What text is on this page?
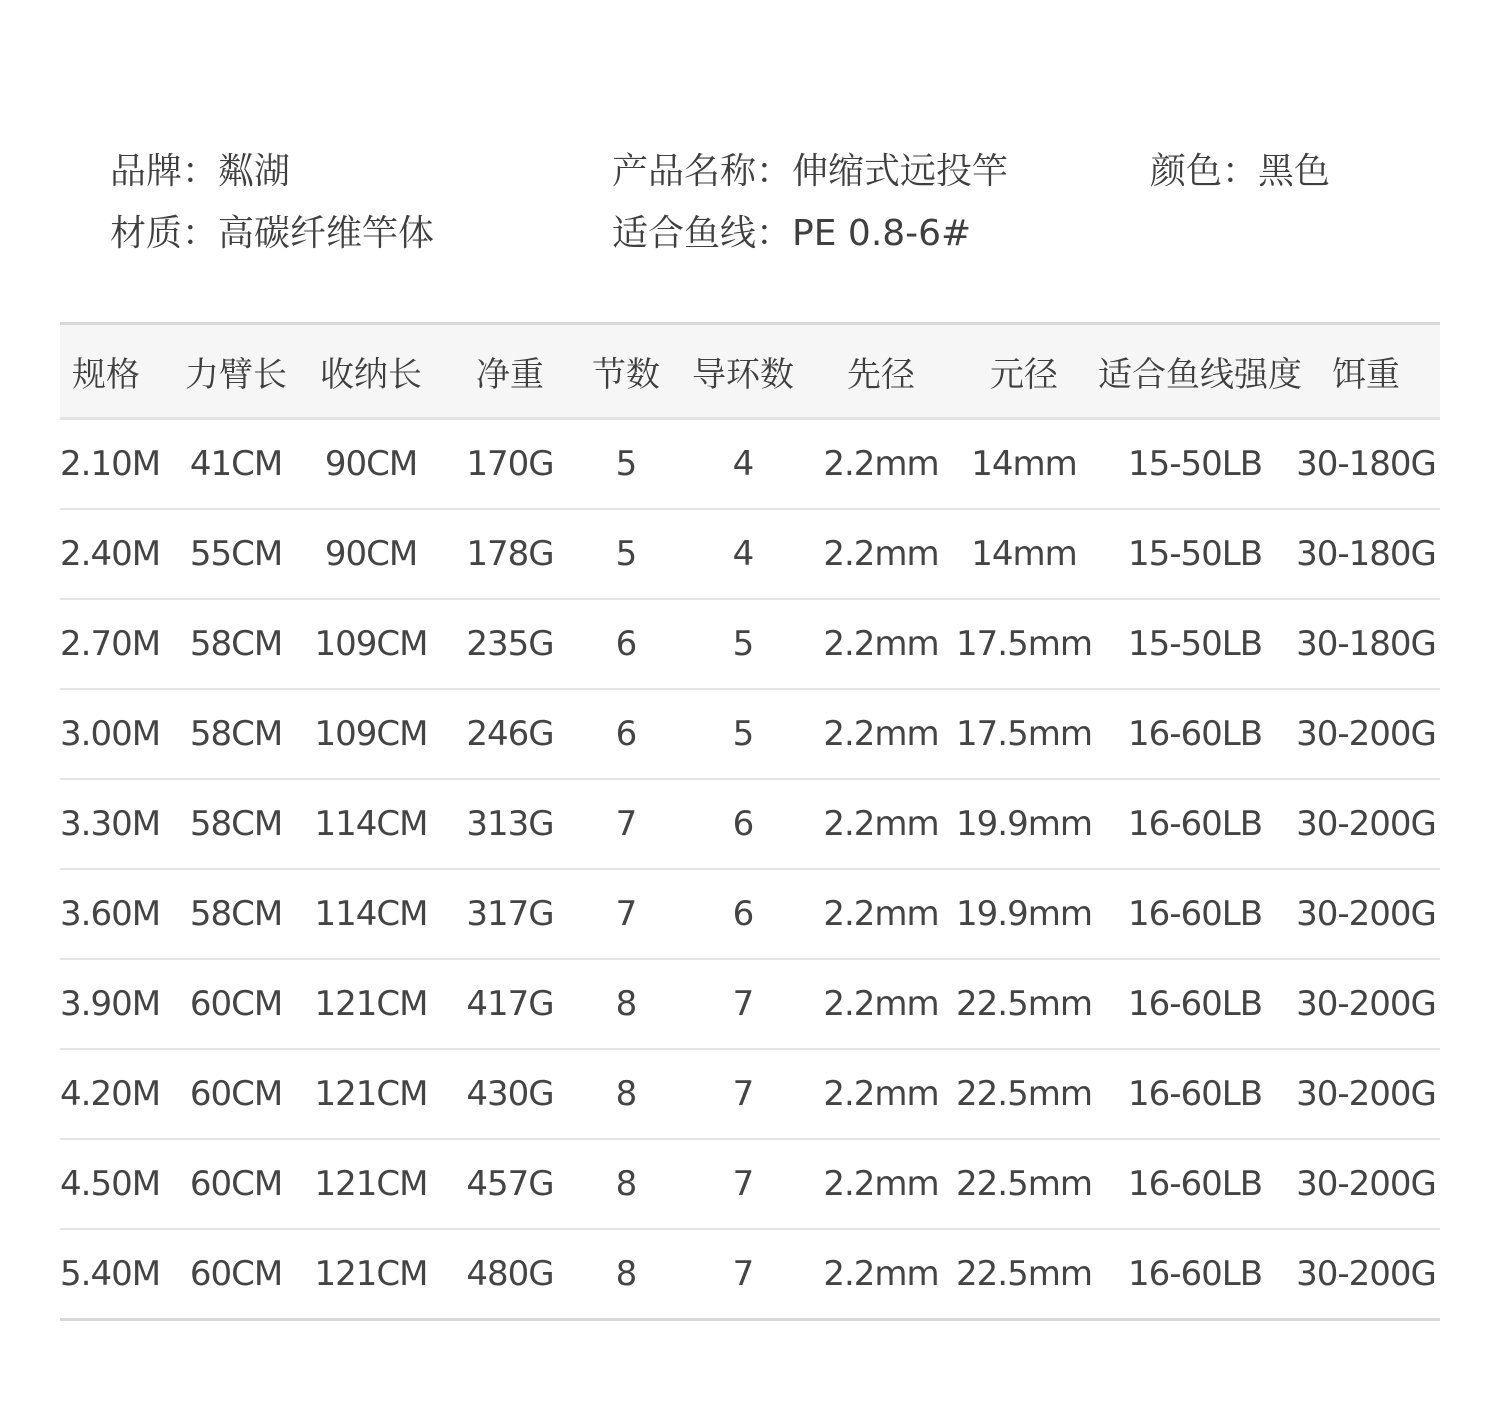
品牌：粼湖	产品名称：伸缩式远投竿	颜色：黑色
材质：高碳纤维竿体	适合鱼线：PE 0.8-6#
规格	力臂长	收纳长	净重	节数	导环数	先径	元径	适合鱼线强度	饵重
2.10M	41CM	90CM	170G	5	4	2.2mm	14mm	15-50LB	30-180G
2.40M	55CM	90CM	178G	5	4	2.2mm	14mm	15-50LB	30-180G
2.70M	58CM	109CM	235G	6	5	2.2mm	17.5mm	15-50LB	30-180G
3.00M	58CM	109CM	246G	6	5	2.2mm	17.5mm	16-60LB	30-200G
3.30M	58CM	114CM	313G	7	6	2.2mm	19.9mm	16-60LB	30-200G
3.60M	58CM	114CM	317G	7	6	2.2mm	19.9mm	16-60LB	30-200G
3.90M	60CM	121CM	417G	8	7	2.2mm	22.5mm	16-60LB	30-200G
4.20M	60CM	121CM	430G	8	7	2.2mm	22.5mm	16-60LB	30-200G
4.50M	60CM	121CM	457G	8	7	2.2mm	22.5mm	16-60LB	30-200G
5.40M	60CM	121CM	480G	8	7	2.2mm	22.5mm	16-60LB	30-200G
